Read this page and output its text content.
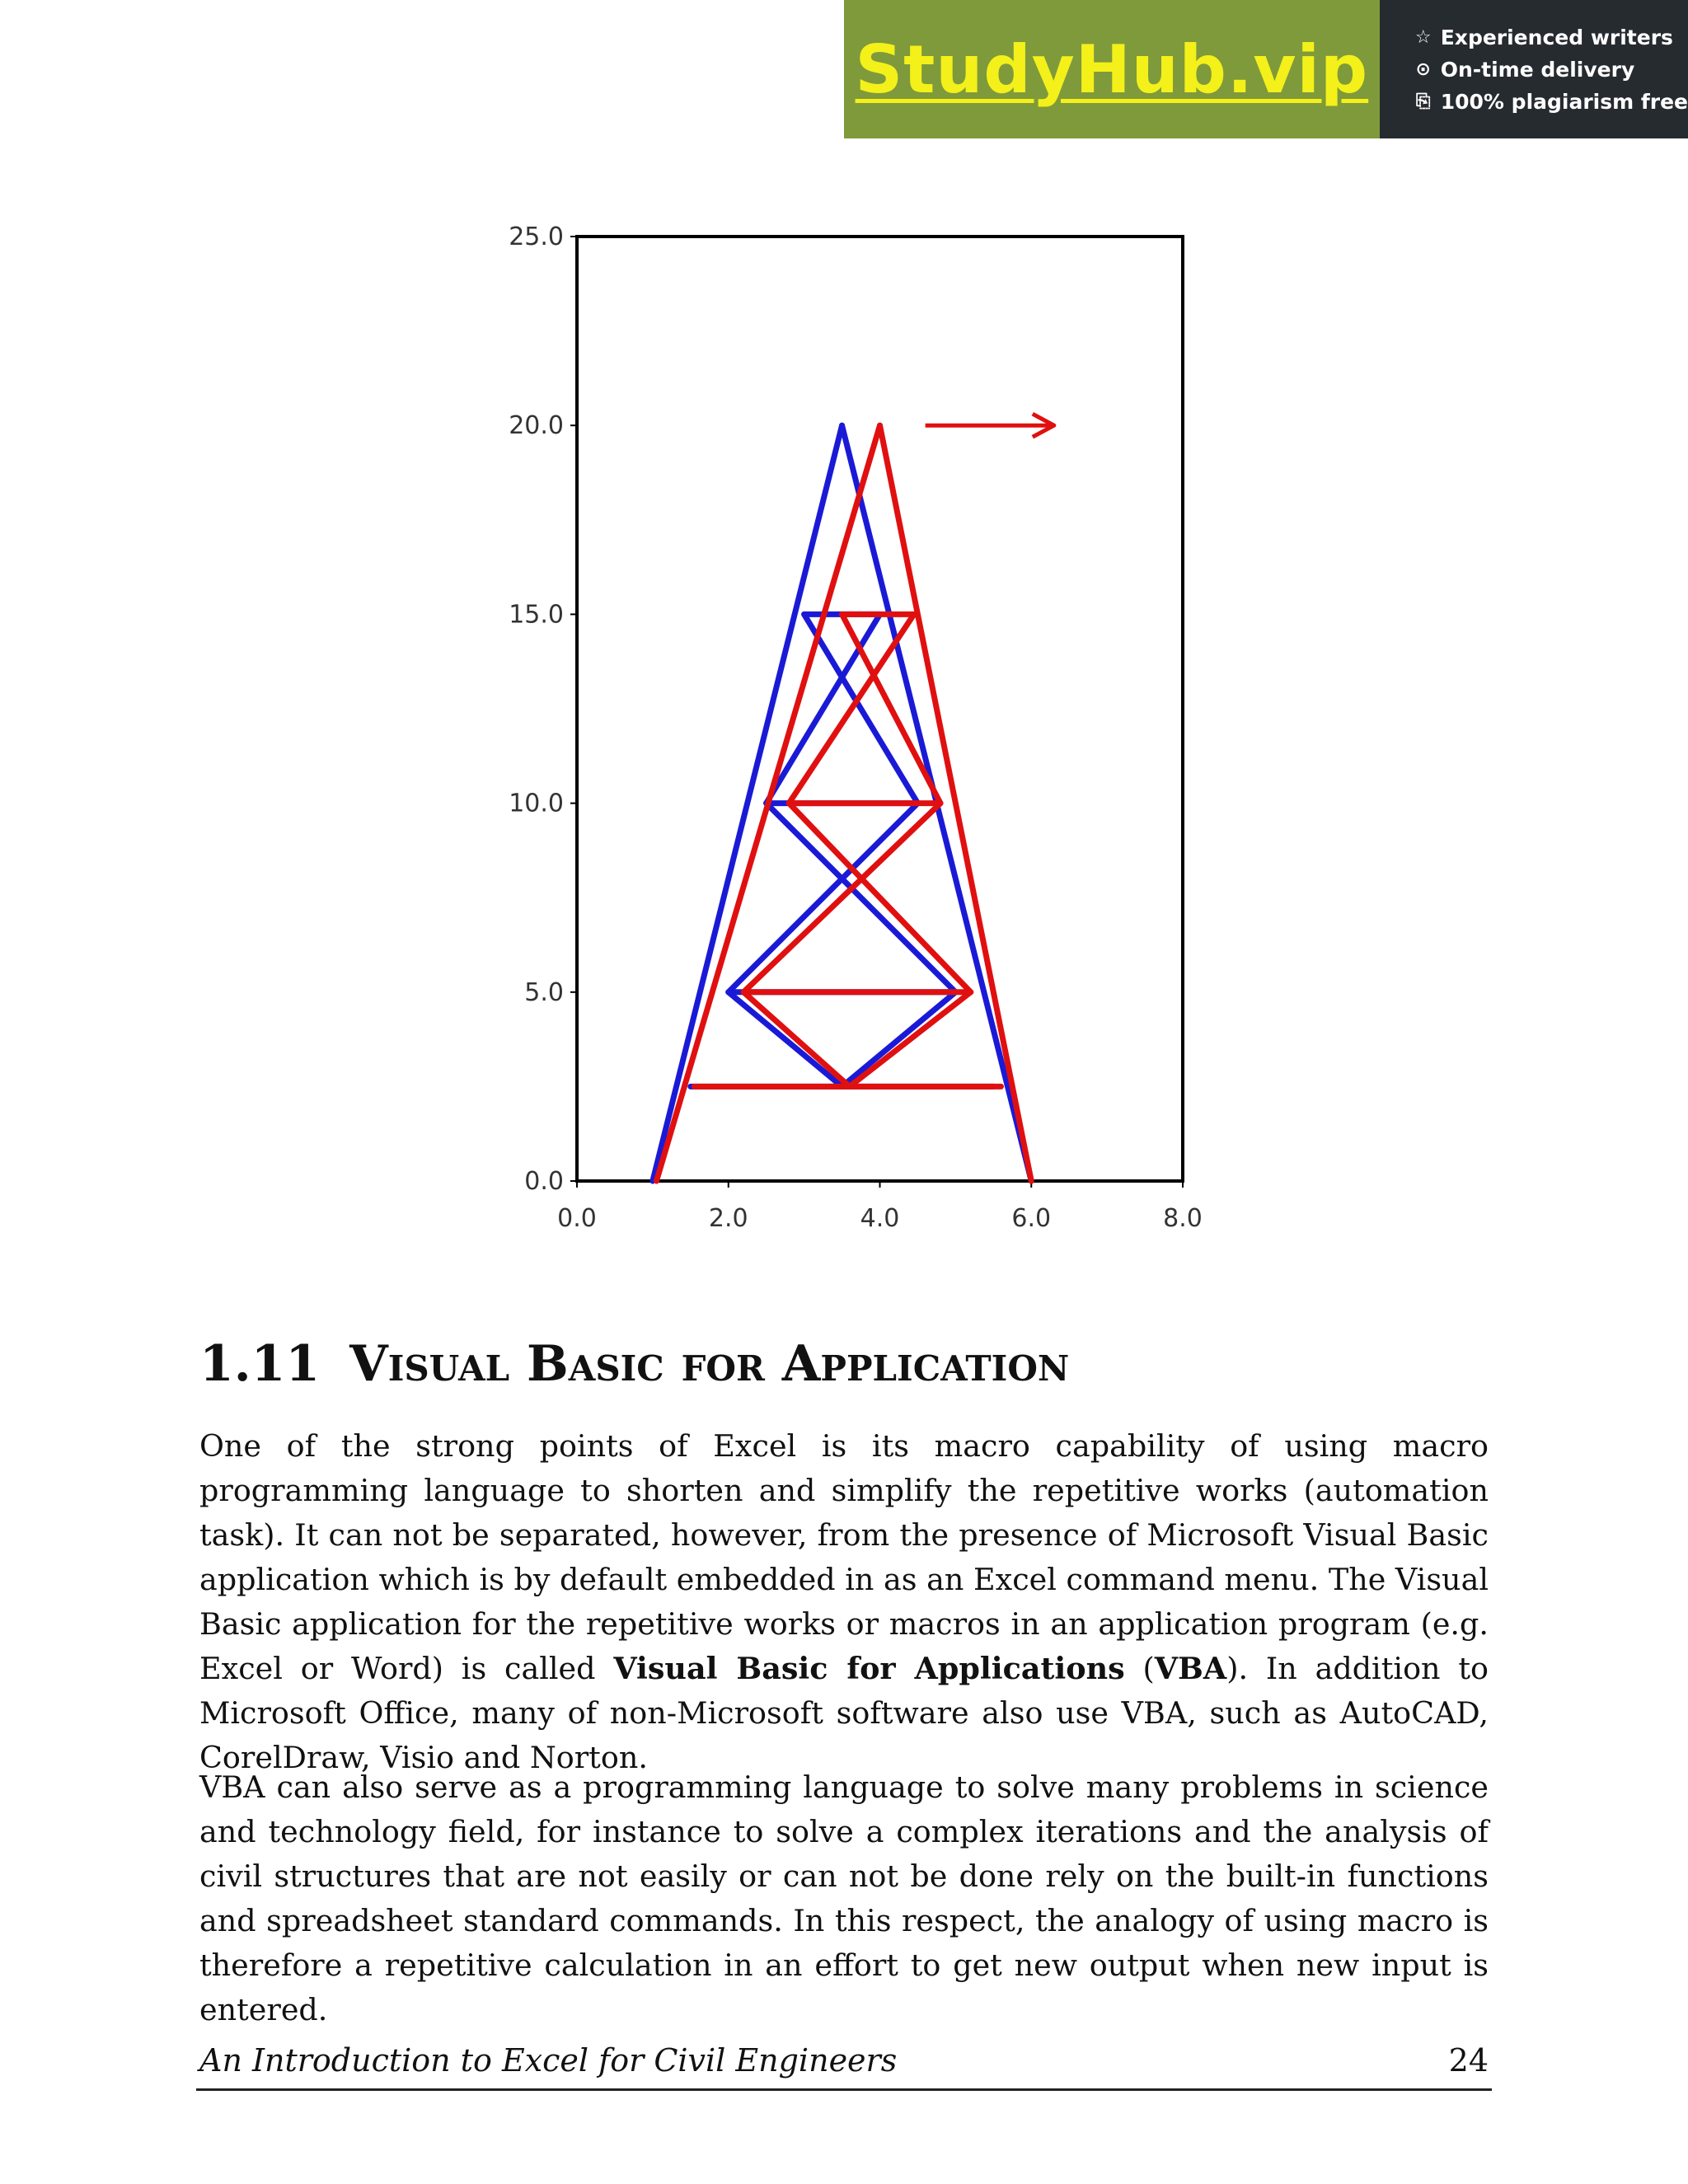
StudyHub.vip	☆ Experienced writers
⊙ On-time delivery
⎘ 100% plagiarism free
0.0
5.0
10.0
15.0
20.0
25.0
0.0	2.0	4.0	6.0	8.0
1.11 Visual Basic for Application

One of the strong points of Excel is its macro capability of using macro programming language to shorten and simplify the repetitive works (automation task). It can not be separated, however, from the presence of Microsoft Visual Basic application which is by default embedded in as an Excel command menu. The Visual Basic application for the repetitive works or macros in an application program (e.g. Excel or Word) is called Visual Basic for Applications (VBA). In addition to Microsoft Office, many of non-Microsoft software also use VBA, such as AutoCAD, CorelDraw, Visio and Norton.

VBA can also serve as a programming language to solve many problems in science and technology field, for instance to solve a complex iterations and the analysis of civil structures that are not easily or can not be done rely on the built-in functions and spreadsheet standard commands. In this respect, the analogy of using macro is therefore a repetitive calculation in an effort to get new output when new input is entered.

An Introduction to Excel for Civil Engineers	24
